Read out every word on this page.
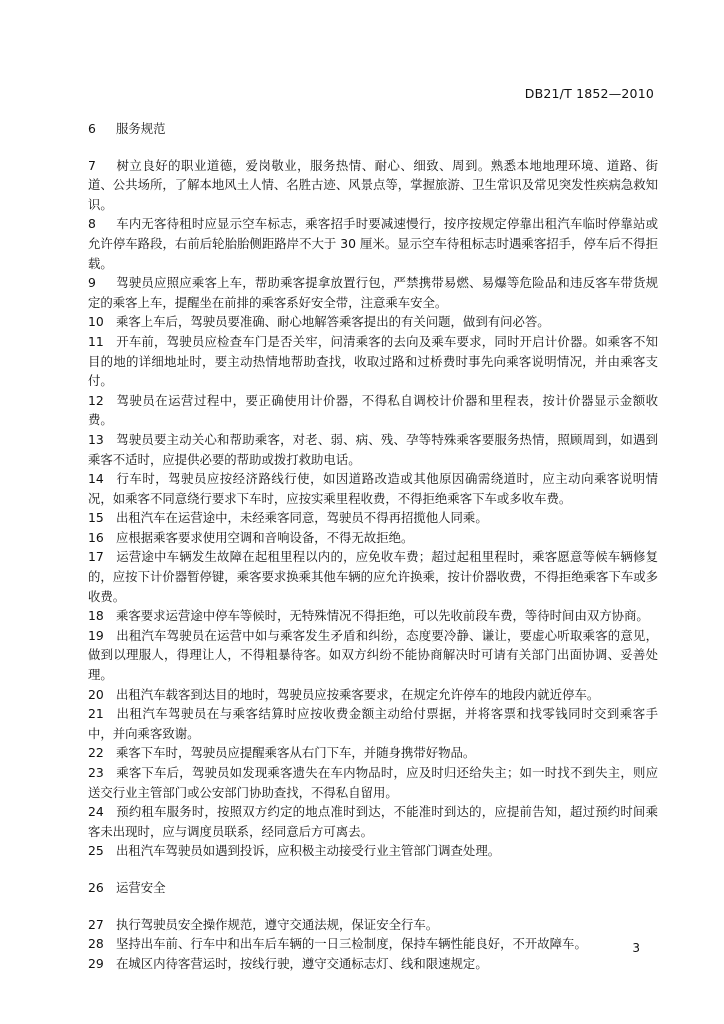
DB21/T 1852—2010

6 服务规范

7 树立良好的职业道德，爱岗敬业，服务热情、耐心、细致、周到。熟悉本地地理环境、道路、街道、公共场所，了解本地风土人情、名胜古迹、风景点等，掌握旅游、卫生常识及常见突发性疾病急救知识。

8 车内无客待租时应显示空车标志，乘客招手时要减速慢行，按序按规定停靠出租汽车临时停靠站或允许停车路段，右前后轮胎胎侧距路岸不大于 30 厘米。显示空车待租标志时遇乘客招手，停车后不得拒载。

9 驾驶员应照应乘客上车，帮助乘客提拿放置行包，严禁携带易燃、易爆等危险品和违反客车带货规定的乘客上车，提醒坐在前排的乘客系好安全带，注意乘车安全。

10 乘客上车后，驾驶员要准确、耐心地解答乘客提出的有关问题，做到有问必答。

11 开车前，驾驶员应检查车门是否关牢，问清乘客的去向及乘车要求，同时开启计价器。如乘客不知目的地的详细地址时，要主动热情地帮助查找，收取过路和过桥费时事先向乘客说明情况，并由乘客支付。

12 驾驶员在运营过程中，要正确使用计价器，不得私自调校计价器和里程表，按计价器显示金额收费。

13 驾驶员要主动关心和帮助乘客，对老、弱、病、残、孕等特殊乘客要服务热情，照顾周到，如遇到乘客不适时，应提供必要的帮助或拨打救助电话。

14 行车时，驾驶员应按经济路线行使，如因道路改造或其他原因确需绕道时，应主动向乘客说明情况，如乘客不同意绕行要求下车时，应按实乘里程收费，不得拒绝乘客下车或多收车费。

15 出租汽车在运营途中，未经乘客同意，驾驶员不得再招揽他人同乘。

16 应根据乘客要求使用空调和音响设备，不得无故拒绝。

17 运营途中车辆发生故障在起租里程以内的，应免收车费；超过起租里程时，乘客愿意等候车辆修复的，应按下计价器暂停键，乘客要求换乘其他车辆的应允许换乘，按计价器收费，不得拒绝乘客下车或多收费。

18 乘客要求运营途中停车等候时，无特殊情况不得拒绝，可以先收前段车费，等待时间由双方协商。

19 出租汽车驾驶员在运营中如与乘客发生矛盾和纠纷，态度要冷静、谦让，要虚心听取乘客的意见，做到以理服人，得理让人，不得粗暴待客。如双方纠纷不能协商解决时可请有关部门出面协调、妥善处理。

20 出租汽车载客到达目的地时，驾驶员应按乘客要求，在规定允许停车的地段内就近停车。

21 出租汽车驾驶员在与乘客结算时应按收费金额主动给付票据，并将客票和找零钱同时交到乘客手中，并向乘客致谢。

22 乘客下车时，驾驶员应提醒乘客从右门下车，并随身携带好物品。

23 乘客下车后，驾驶员如发现乘客遗失在车内物品时，应及时归还给失主；如一时找不到失主，则应送交行业主管部门或公安部门协助查找，不得私自留用。

24 预约租车服务时，按照双方约定的地点准时到达，不能准时到达的，应提前告知，超过预约时间乘客未出现时，应与调度员联系，经同意后方可离去。

25 出租汽车驾驶员如遇到投诉，应积极主动接受行业主管部门调查处理。

26 运营安全

27 执行驾驶员安全操作规范，遵守交通法规，保证安全行车。

28 坚持出车前、行车中和出车后车辆的一日三检制度，保持车辆性能良好，不开故障车。

29 在城区内待客营运时，按线行驶，遵守交通标志灯、线和限速规定。

3
